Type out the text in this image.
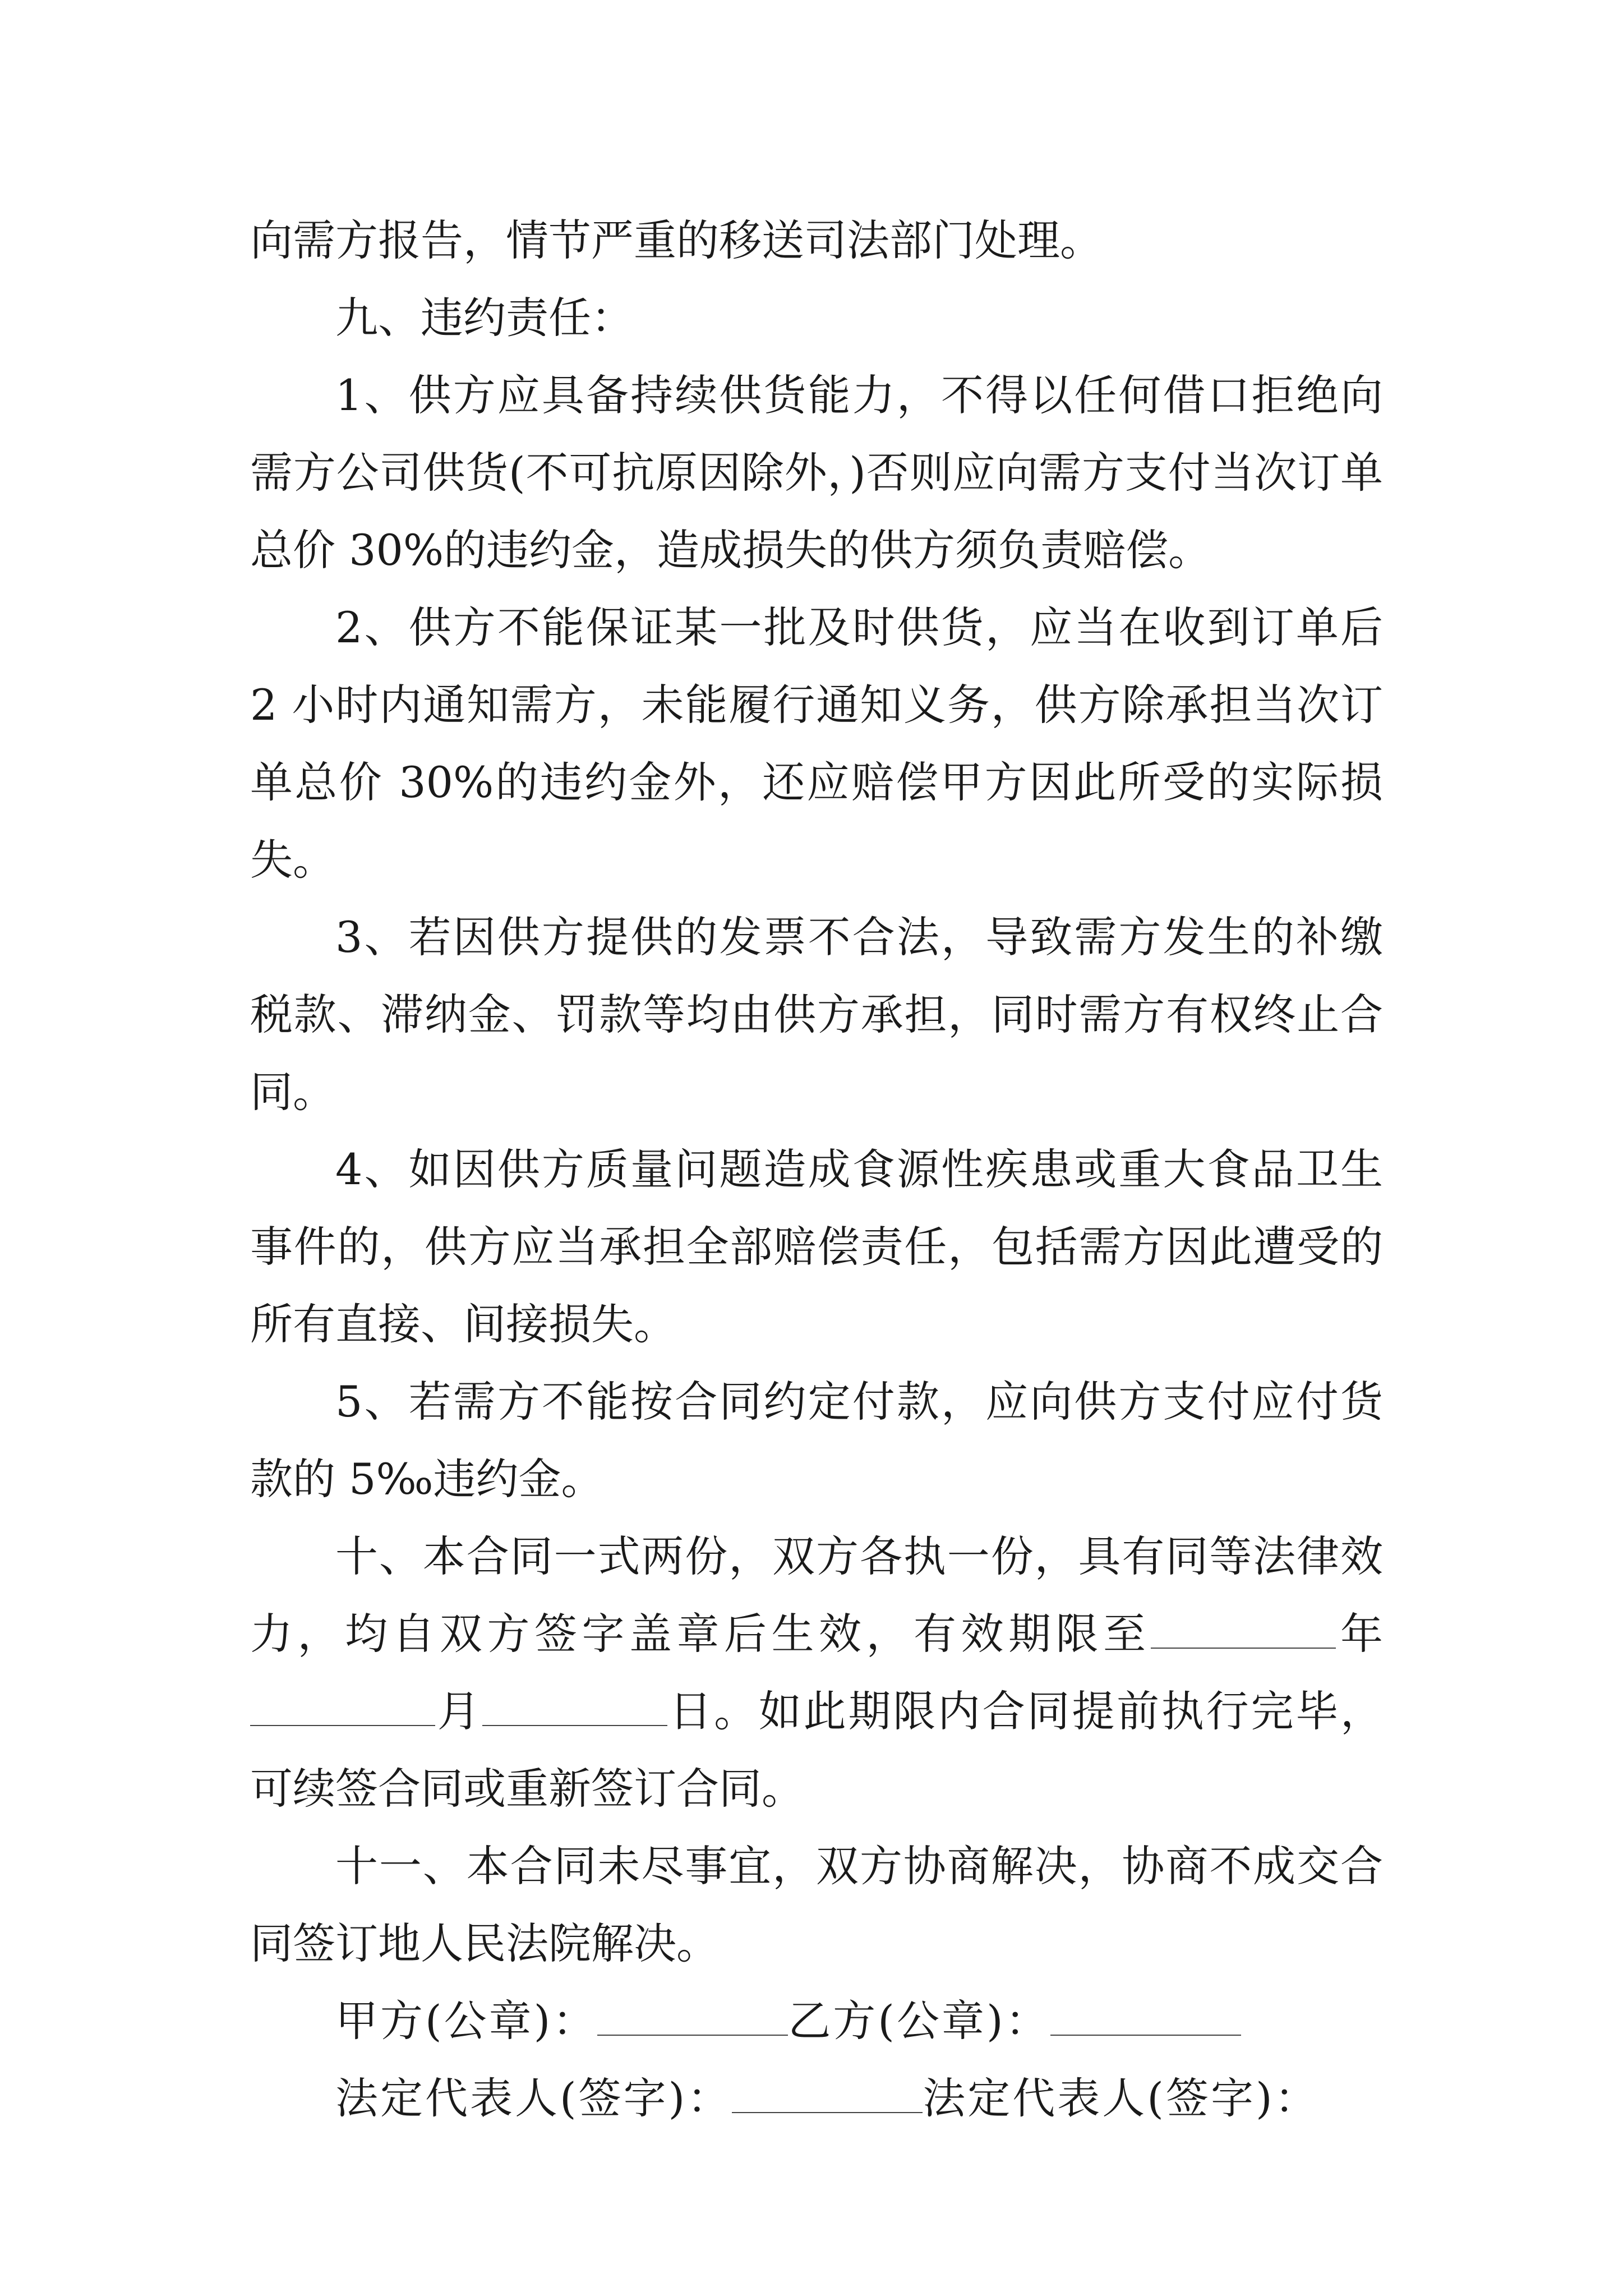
向需方报告，情节严重的移送司法部门处理。

九、违约责任：

1、供方应具备持续供货能力，不得以任何借口拒绝向需方公司供货(不可抗原因除外，)否则应向需方支付当次订单总价 30%的违约金，造成损失的供方须负责赔偿。

2、供方不能保证某一批及时供货，应当在收到订单后 2 小时内通知需方，未能履行通知义务，供方除承担当次订单总价 30%的违约金外，还应赔偿甲方因此所受的实际损失。

3、若因供方提供的发票不合法，导致需方发生的补缴税款、滞纳金、罚款等均由供方承担，同时需方有权终止合同。

4、如因供方质量问题造成食源性疾患或重大食品卫生事件的，供方应当承担全部赔偿责任，包括需方因此遭受的所有直接、间接损失。

5、若需方不能按合同约定付款，应向供方支付应付货款的 5‰违约金。

十、本合同一式两份，双方各执一份，具有同等法律效力，均自双方签字盖章后生效，有效期限至	年月	日。如此期限内合同提前执行完毕，可续签合同或重新签订合同。

十一、本合同未尽事宜，双方协商解决，协商不成交合同签订地人民法院解决。

甲方(公章)：	乙方(公章)：

法定代表人(签字)：	法定代表人(签字)：
